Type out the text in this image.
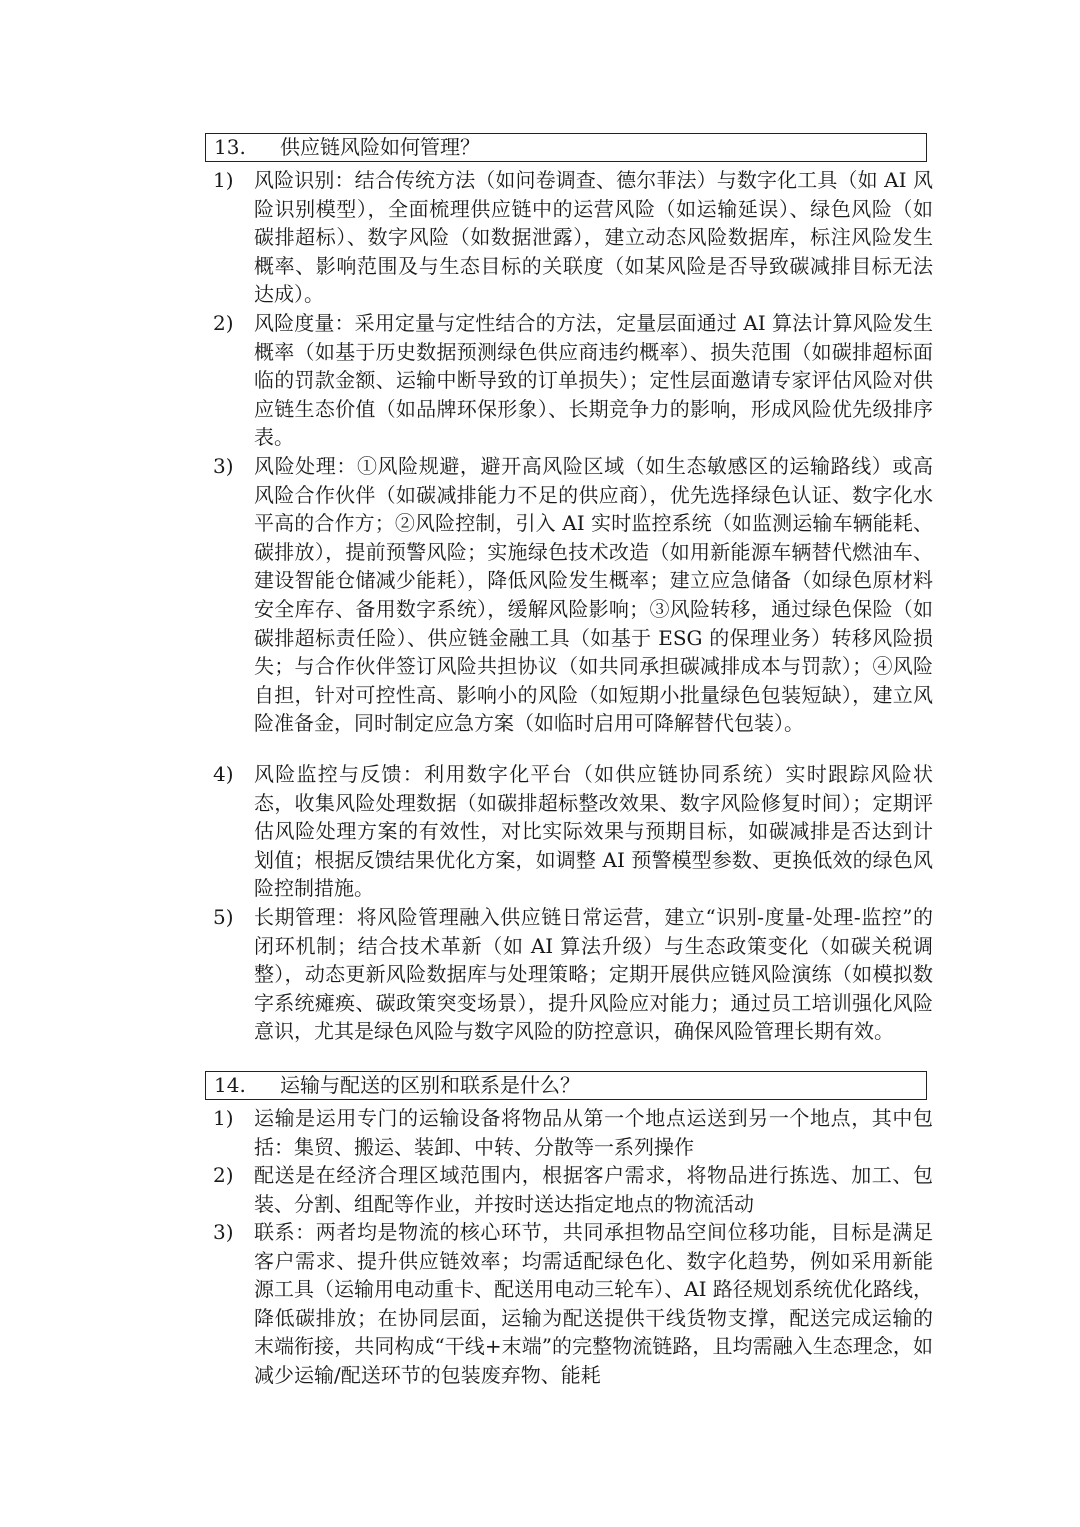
13. 供应链风险如何管理？
1) 风险识别：结合传统方法（如问卷调查、德尔菲法）与数字化工具（如 AI 风险识别模型），全面梳理供应链中的运营风险（如运输延误）、绿色风险（如碳排超标）、数字风险（如数据泄露），建立动态风险数据库，标注风险发生概率、影响范围及与生态目标的关联度（如某风险是否导致碳减排目标无法达成）。
2) 风险度量：采用定量与定性结合的方法，定量层面通过 AI 算法计算风险发生概率（如基于历史数据预测绿色供应商违约概率）、损失范围（如碳排超标面临的罚款金额、运输中断导致的订单损失）；定性层面邀请专家评估风险对供应链生态价值（如品牌环保形象）、长期竞争力的影响，形成风险优先级排序表。
3) 风险处理：①风险规避，避开高风险区域（如生态敏感区的运输路线）或高风险合作伙伴（如碳减排能力不足的供应商），优先选择绿色认证、数字化水平高的合作方；②风险控制，引入 AI 实时监控系统（如监测运输车辆能耗、碳排放），提前预警风险；实施绿色技术改造（如用新能源车辆替代燃油车、建设智能仓储减少能耗），降低风险发生概率；建立应急储备（如绿色原材料安全库存、备用数字系统），缓解风险影响；③风险转移，通过绿色保险（如碳排超标责任险）、供应链金融工具（如基于 ESG 的保理业务）转移风险损失；与合作伙伴签订风险共担协议（如共同承担碳减排成本与罚款）；④风险自担，针对可控性高、影响小的风险（如短期小批量绿色包装短缺），建立风险准备金，同时制定应急方案（如临时启用可降解替代包装）。
4) 风险监控与反馈：利用数字化平台（如供应链协同系统）实时跟踪风险状态，收集风险处理数据（如碳排超标整改效果、数字风险修复时间）；定期评估风险处理方案的有效性，对比实际效果与预期目标，如碳减排是否达到计划值；根据反馈结果优化方案，如调整 AI 预警模型参数、更换低效的绿色风险控制措施。
5) 长期管理：将风险管理融入供应链日常运营，建立“识别-度量-处理-监控”的闭环机制；结合技术革新（如 AI 算法升级）与生态政策变化（如碳关税调整），动态更新风险数据库与处理策略；定期开展供应链风险演练（如模拟数字系统瘫痪、碳政策突变场景），提升风险应对能力；通过员工培训强化风险意识，尤其是绿色风险与数字风险的防控意识，确保风险管理长期有效。
14. 运输与配送的区别和联系是什么？
1) 运输是运用专门的运输设备将物品从第一个地点运送到另一个地点，其中包括：集贸、搬运、装卸、中转、分散等一系列操作
2) 配送是在经济合理区域范围内，根据客户需求，将物品进行拣选、加工、包装、分割、组配等作业，并按时送达指定地点的物流活动
3) 联系：两者均是物流的核心环节，共同承担物品空间位移功能，目标是满足客户需求、提升供应链效率；均需适配绿色化、数字化趋势，例如采用新能源工具（运输用电动重卡、配送用电动三轮车）、AI 路径规划系统优化路线，降低碳排放；在协同层面，运输为配送提供干线货物支撑，配送完成运输的末端衔接，共同构成“干线+末端”的完整物流链路，且均需融入生态理念，如减少运输/配送环节的包装废弃物、能耗
